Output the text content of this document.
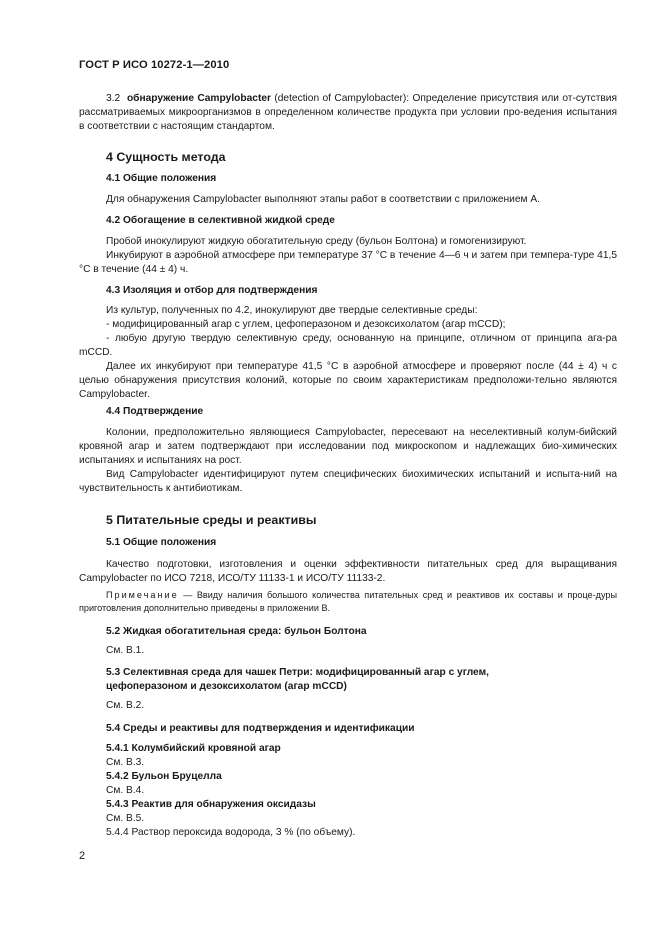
ГОСТ Р ИСО 10272-1—2010

3.2 обнаружение Campylobacter (detection of Campylobacter): Определение присутствия или от-сутствия рассматриваемых микроорганизмов в определенном количестве продукта при условии про-ведения испытания в соответствии с настоящим стандартом.

4 Сущность метода
4.1 Общие положения

Для обнаружения Campylobacter выполняют этапы работ в соответствии с приложением А.

4.2 Обогащение в селективной жидкой среде

Пробой инокулируют жидкую обогатительную среду (бульон Болтона) и гомогенизируют.

Инкубируют в аэробной атмосфере при температуре 37 °С в течение 4—6 ч и затем при темпера-туре 41,5 °С в течение (44 ± 4) ч.

4.3 Изоляция и отбор для подтверждения

Из культур, полученных по 4.2, инокулируют две твердые селективные среды:

- модифицированный агар с углем, цефоперазоном и дезоксихолатом (агар mCCD);

- любую другую твердую селективную среду, основанную на принципе, отличном от принципа ага-ра mCCD.

Далее их инкубируют при температуре 41,5 °С в аэробной атмосфере и проверяют после (44 ± 4) ч с целью обнаружения присутствия колоний, которые по своим характеристикам предположи-тельно являются Campylobacter.

4.4 Подтверждение

Колонии, предположительно являющиеся Campylobacter, пересевают на неселективный колум-бийский кровяной агар и затем подтверждают при исследовании под микроскопом и надлежащих био-химических испытаниях и испытаниях на рост.

Вид Campylobacter идентифицируют путем специфических биохимических испытаний и испыта-ний на чувствительность к антибиотикам.

5 Питательные среды и реактивы
5.1 Общие положения

Качество подготовки, изготовления и оценки эффективности питательных сред для выращивания Campylobacter по ИСО 7218, ИСО/ТУ 11133-1 и ИСО/ТУ 11133-2.

Примечание — Ввиду наличия большого количества питательных сред и реактивов их составы и проце-дуры приготовления дополнительно приведены в приложении В.

5.2 Жидкая обогатительная среда: бульон Болтона
См. В.1.
5.3 Селективная среда для чашек Петри: модифицированный агар с углем,
цефоперазоном и дезоксихолатом (агар mCCD)
См. В.2.
5.4 Среды и реактивы для подтверждения и идентификации
5.4.1 Колумбийский кровяной агар
См. В.3.
5.4.2 Бульон Бруцелла
См. В.4.
5.4.3 Реактив для обнаружения оксидазы
См. В.5.
5.4.4 Раствор пероксида водорода, 3 % (по объему).
2
